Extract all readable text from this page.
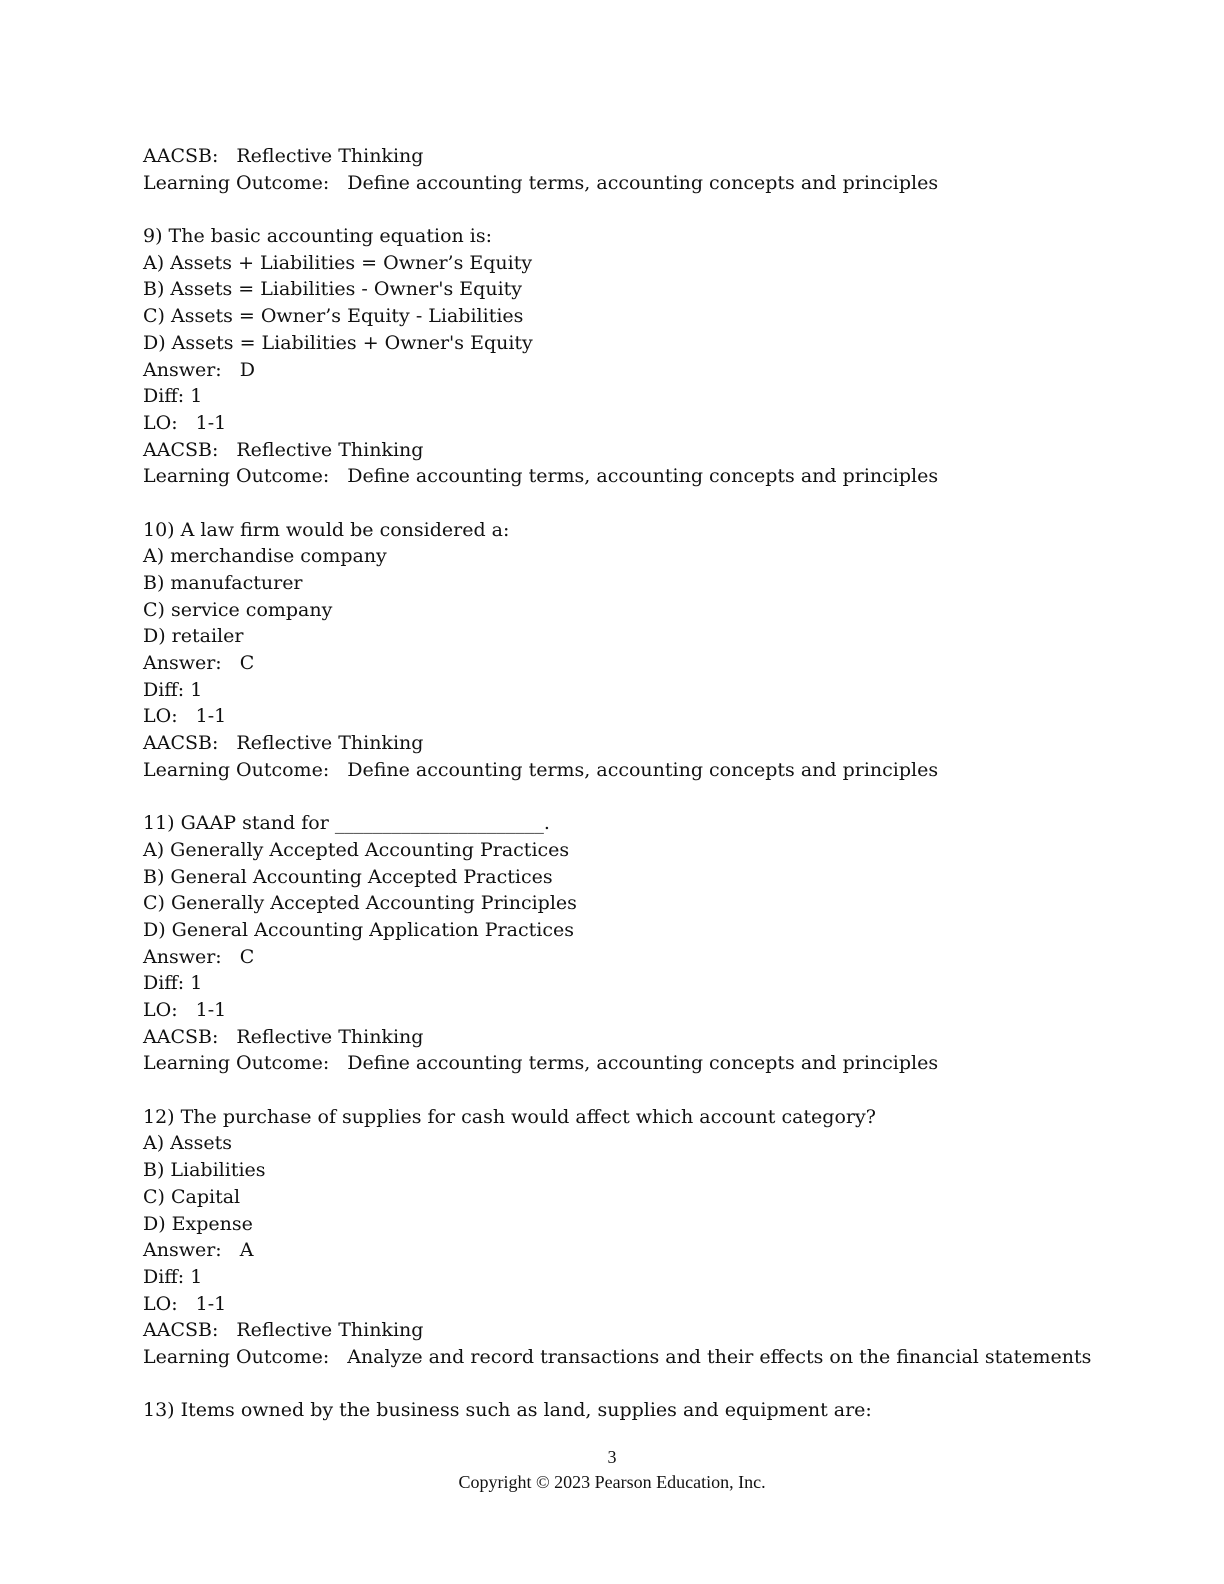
AACSB: Reflective Thinking
Learning Outcome: Define accounting terms, accounting concepts and principles
9) The basic accounting equation is:
A) Assets + Liabilities = Owner’s Equity
B) Assets = Liabilities - Owner's Equity
C) Assets = Owner’s Equity - Liabilities
D) Assets = Liabilities + Owner's Equity
Answer: D
Diff: 1
LO: 1-1
AACSB: Reflective Thinking
Learning Outcome: Define accounting terms, accounting concepts and principles
10) A law firm would be considered a:
A) merchandise company
B) manufacturer
C) service company
D) retailer
Answer: C
Diff: 1
LO: 1-1
AACSB: Reflective Thinking
Learning Outcome: Define accounting terms, accounting concepts and principles
11) GAAP stand for ______________________.
A) Generally Accepted Accounting Practices
B) General Accounting Accepted Practices
C) Generally Accepted Accounting Principles
D) General Accounting Application Practices
Answer: C
Diff: 1
LO: 1-1
AACSB: Reflective Thinking
Learning Outcome: Define accounting terms, accounting concepts and principles
12) The purchase of supplies for cash would affect which account category?
A) Assets
B) Liabilities
C) Capital
D) Expense
Answer: A
Diff: 1
LO: 1-1
AACSB: Reflective Thinking
Learning Outcome: Analyze and record transactions and their effects on the financial statements
13) Items owned by the business such as land, supplies and equipment are:
3
Copyright © 2023 Pearson Education, Inc.
